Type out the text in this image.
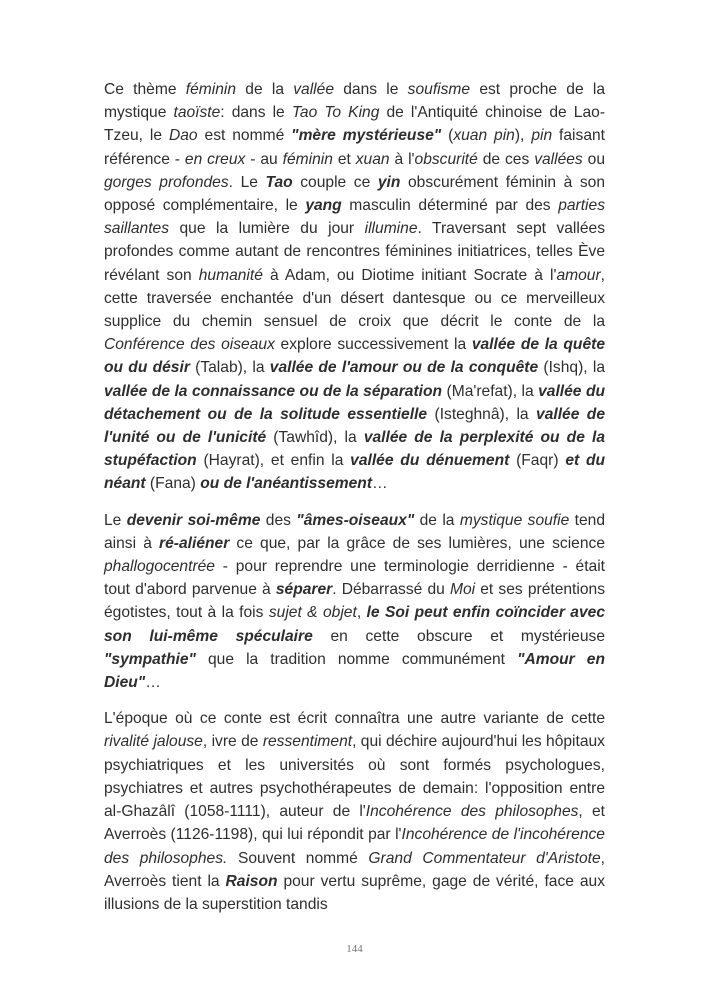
Ce thème féminin de la vallée dans le soufisme est proche de la mystique taoïste: dans le Tao To King de l'Antiquité chinoise de Lao-Tzeu, le Dao est nommé "mère mystérieuse" (xuan pin), pin faisant référence - en creux - au féminin et xuan à l'obscurité de ces vallées ou gorges profondes. Le Tao couple ce yin obscurément féminin à son opposé complémentaire, le yang masculin déterminé par des parties saillantes que la lumière du jour illumine. Traversant sept vallées profondes comme autant de rencontres féminines initiatrices, telles Ève révélant son humanité à Adam, ou Diotime initiant Socrate à l'amour, cette traversée enchantée d'un désert dantesque ou ce merveilleux supplice du chemin sensuel de croix que décrit le conte de la Conférence des oiseaux explore successivement la vallée de la quête ou du désir (Talab), la vallée de l'amour ou de la conquête (Ishq), la vallée de la connaissance ou de la séparation (Ma'refat), la vallée du détachement ou de la solitude essentielle (Isteghnâ), la vallée de l'unité ou de l'unicité (Tawhîd), la vallée de la perplexité ou de la stupéfaction (Hayrat), et enfin la vallée du dénuement (Faqr) et du néant (Fana) ou de l'anéantissement…

Le devenir soi-même des "âmes-oiseaux" de la mystique soufie tend ainsi à ré-aliéner ce que, par la grâce de ses lumières, une science phallogocentrée - pour reprendre une terminologie derridienne - était tout d'abord parvenue à séparer. Débarrassé du Moi et ses prétentions égotistes, tout à la fois sujet & objet, le Soi peut enfin coïncider avec son lui-même spéculaire en cette obscure et mystérieuse "sympathie" que la tradition nomme communément "Amour en Dieu"…

L'époque où ce conte est écrit connaîtra une autre variante de cette rivalité jalouse, ivre de ressentiment, qui déchire aujourd'hui les hôpitaux psychiatriques et les universités où sont formés psychologues, psychiatres et autres psychothérapeutes de demain: l'opposition entre al-Ghazâlî (1058-1111), auteur de l'Incohérence des philosophes, et Averroès (1126-1198), qui lui répondit par l'Incohérence de l'incohérence des philosophes. Souvent nommé Grand Commentateur d'Aristote, Averroès tient la Raison pour vertu suprême, gage de vérité, face aux illusions de la superstition tandis

144
